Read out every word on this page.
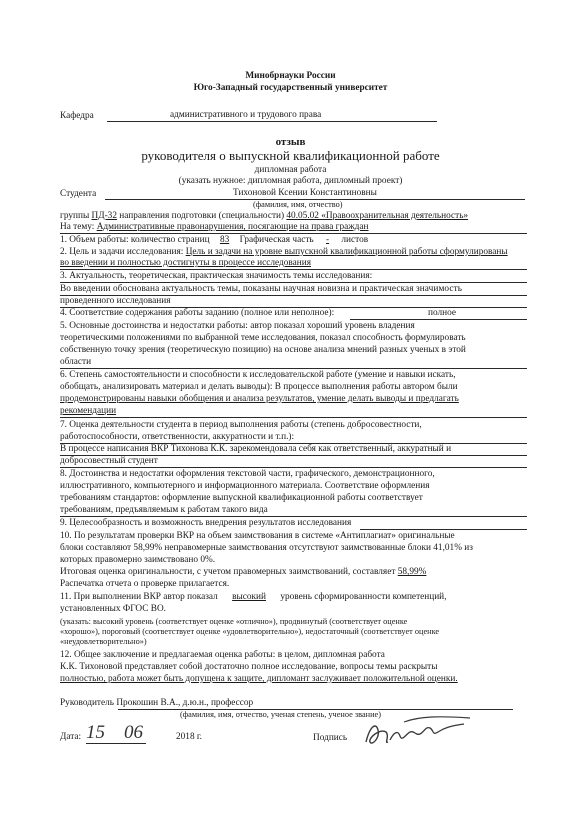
Минобрнауки России
Юго-Западный государственный университет
Кафедра	административного и трудового права
отзыв
руководителя о выпускной квалификационной работе
дипломная работа
(указать нужное: дипломная работа, дипломный проект)
Студента	Тихоновой Ксении Константиновны
(фамилия, имя, отчество)
группы ПД-32 направления подготовки (специальности) 40.05.02 «Правоохранительная деятельность»
На тему: Административные правонарушения, посягающие на права граждан
1. Объем работы: количество страниц 83 Графическая часть - листов
2. Цель и задачи исследования: Цель и задачи на уровне выпускной квалификационной работы сформулированы
во введении и полностью достигнуты в процессе исследования
3. Актуальность, теоретическая, практическая значимость темы исследования:
Во введении обоснована актуальность темы, показаны научная новизна и практическая значимость
проведенного исследования
4. Соответствие содержания работы заданию (полное или неполное):	полное
5. Основные достоинства и недостатки работы: автор показал хороший уровень владения
теоретическими положениями по выбранной теме исследования, показал способность формулировать
собственную точку зрения (теоретическую позицию) на основе анализа мнений разных ученых в этой
области
6. Степень самостоятельности и способности к исследовательской работе (умение и навыки искать,
обобщать, анализировать материал и делать выводы): В процессе выполнения работы автором были
продемонстрированы навыки обобщения и анализа результатов, умение делать выводы и предлагать
рекомендации
7. Оценка деятельности студента в период выполнения работы (степень добросовестности,
работоспособности, ответственности, аккуратности и т.п.):
В процессе написания ВКР Тихонова К.К. зарекомендовала себя как ответственный, аккуратный и
добросовестный студент
8. Достоинства и недостатки оформления текстовой части, графического, демонстрационного,
иллюстративного, компьютерного и информационного материала. Соответствие оформления
требованиям стандартов: оформление выпускной квалификационной работы соответствует
требованиям, предъявляемым к работам такого вида
9. Целесообразность и возможность внедрения результатов исследования
10. По результатам проверки ВКР на объем заимствования в системе «Антиплагиат» оригинальные
блоки составляют 58,99% неправомерные заимствования отсутствуют заимствованные блоки 41,01% из
которых правомерно заимствовано 0%.
Итоговая оценка оригинальности, с учетом правомерных заимствований, составляет 58,99%
Распечатка отчета о проверке прилагается.
11. При выполнении ВКР автор показал высокий уровень сформированности компетенций,
установленных ФГОС ВО.
(указать: высокий уровень (соответствует оценке «отлично»), продвинутый (соответствует оценке
«хорошо»), пороговый (соответствует оценке «удовлетворительно»), недостаточный (соответствует оценке
«неудовлетворительно»)
12. Общее заключение и предлагаемая оценка работы: в целом, дипломная работа
К.К. Тихоновой представляет собой достаточно полное исследование, вопросы темы раскрыты
полностью, работа может быть допущена к защите, дипломант заслуживает положительной оценки.
Руководитель Прокошин В.А., д.ю.н., профессор
(фамилия, имя, отчество, ученая степень, ученое звание)
Дата: 15 06	2018 г.	Подпись
